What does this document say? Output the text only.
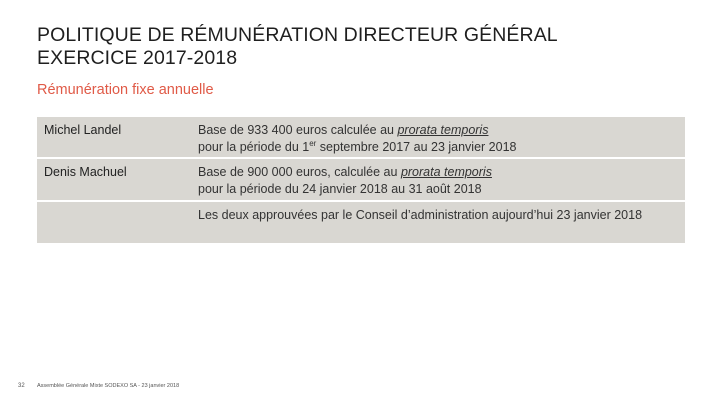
POLITIQUE DE RÉMUNÉRATION DIRECTEUR GÉNÉRAL
EXERCICE 2017-2018

Rémunération fixe annuelle

Michel Landel	Base de 933 400 euros calculée au prorata temporis
pour la période du 1er septembre 2017 au 23 janvier 2018
Denis Machuel	Base de 900 000 euros, calculée au prorata temporis
pour la période du 24 janvier 2018 au 31 août 2018
Les deux approuvées par le Conseil d’administration aujourd’hui 23 janvier 2018
32 Assemblée Générale Mixte SODEXO SA - 23 janvier 2018
